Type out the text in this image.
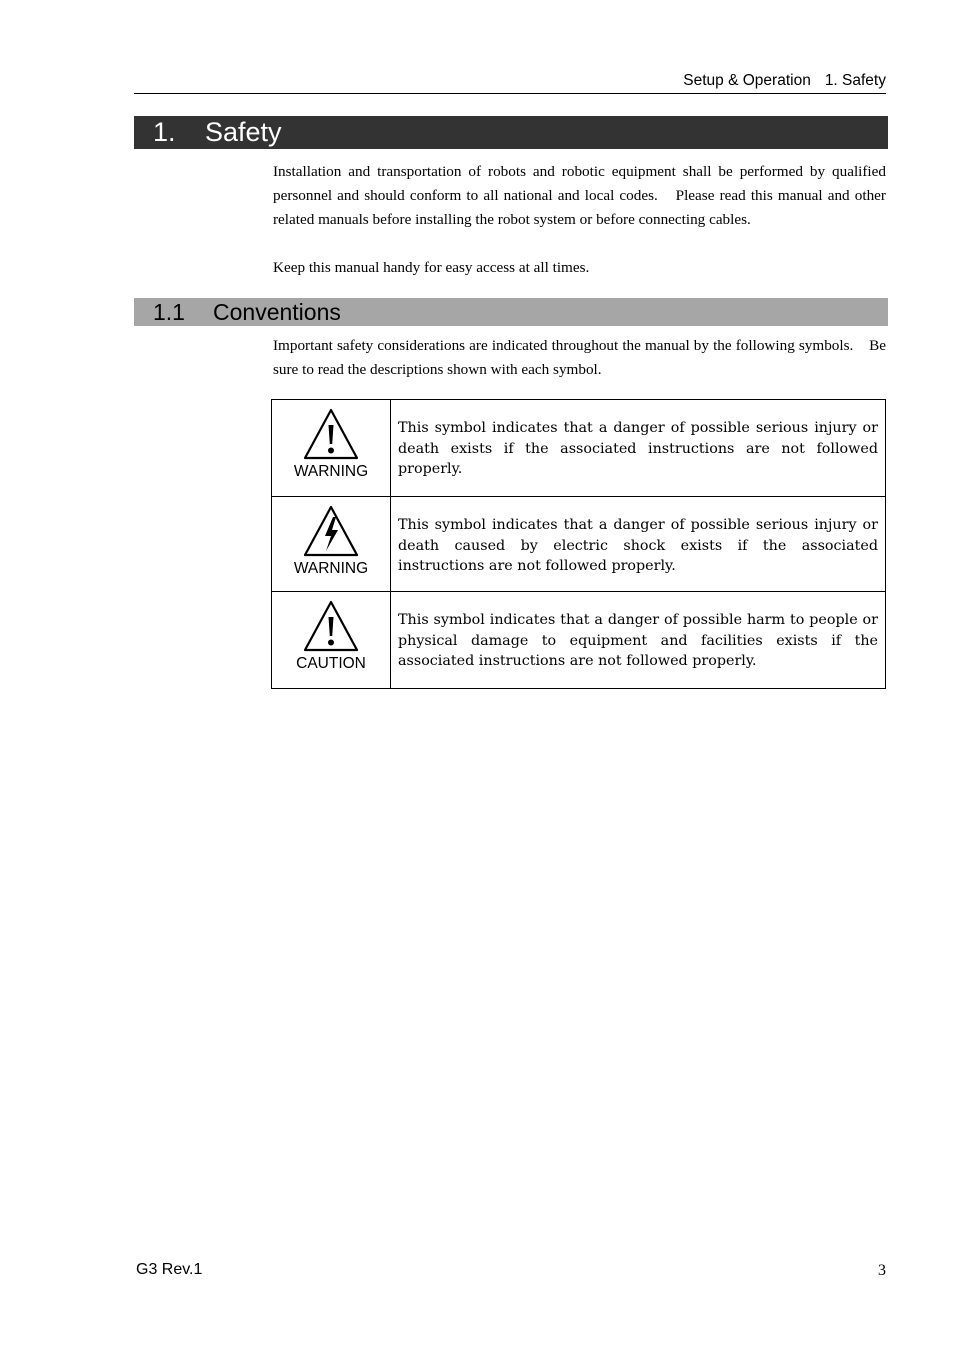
Setup & Operation 1. Safety
1. Safety

Installation and transportation of robots and robotic equipment shall be performed by qualified personnel and should conform to all national and local codes.　Please read this manual and other related manuals before installing the robot system or before connecting cables.

Keep this manual handy for easy access at all times.

1.1 Conventions

Important safety considerations are indicated throughout the manual by the following symbols.　Be sure to read the descriptions shown with each symbol.

WARNING	This symbol indicates that a danger of possible serious injury or death exists if the associated instructions are not followed properly.

WARNING	This symbol indicates that a danger of possible serious injury or death caused by electric shock exists if the associated instructions are not followed properly.

CAUTION	This symbol indicates that a danger of possible harm to people or physical damage to equipment and facilities exists if the associated instructions are not followed properly.
G3 Rev.1	3
